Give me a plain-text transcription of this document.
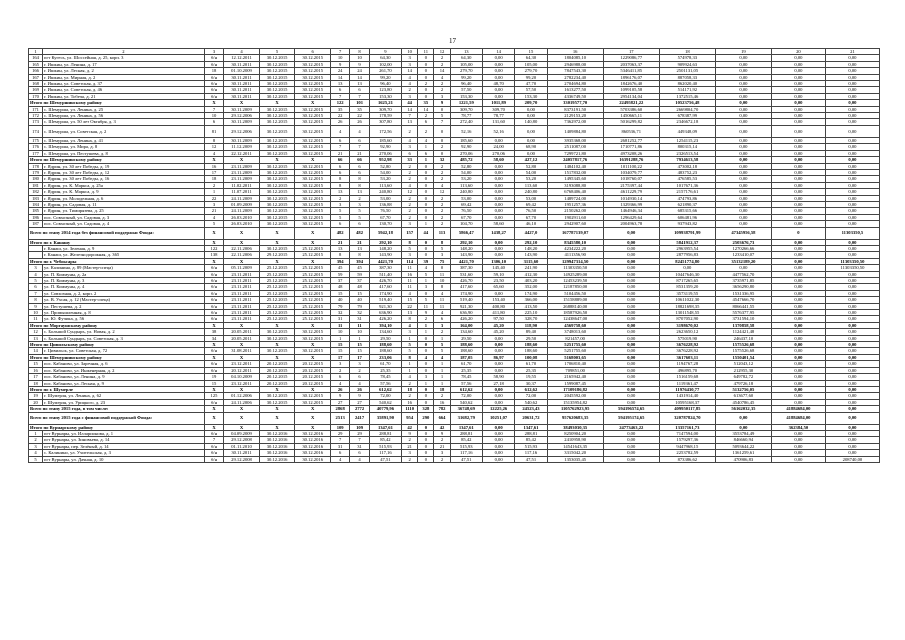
17
1	2	3	4	5	6	7	8	9	10	11	12	13	14	15	16	17	18	19	20	21
164	пгт Кугесь, ул. Шоссейная, д. 25, корп. 3	б/н	12.12.2011	30.12.2015	30.12.2015	10	10	64,30	3	0	2	64,30	0,00	64,30	1804085,10	1229086,77	574978,33	0,00	0,00	0,00
165	г. Ишкин, ул. Ленина, д. 17	б/н	30.11.2011	30.12.2015	30.12.2015	9	9	102,00	3	0	2	105,00	0,00	105,00	2946988,00	2037063,37	909924,63	0,00	0,00	0,00
166	г. Ишкин, ул. Лесная, д. 2	18	01.10.2009	30.12.2015	30.12.2015	24	24	261,70	14	0	14	279,70	0,00	279,70	7847543,30	5346411,85	2501131,05	0,00	0,00	0,00
167	г. Ишкин, ул. Мирная, д. 2	б/н	30.11.2011	30.12.2015	30.12.2015	14	14	99,20	4	0	4	99,20	0,00	99,20	2782234,40	1896176,07	887058,33	0,00	0,00	0,00
168	г. Ишкин, ул. Советская, д. 37	б/н	30.11.2011	30.12.2015	30.12.2015	13	13	96,40	4	2	2	96,40	48,70	47,70	2704694,80	1842676,40	862020,40	0,00	0,00	0,00
169	г. Ишкин, ул. Советская, д. 46	б/н	30.11.2011	30.12.2015	30.12.2015	6	6	123,80	2	0	2	57,50	0,00	57,50	1613277,50	1099105,58	514171,92	0,00	0,00	0,00
170	г. Ишкин, ул. Тобеча, д. 21	б/н	30.11.2011	30.12.2015	30.12.2015	7	7	153,30	3	0	3	153,30	0,00	153,30	4336749,50	2954134,04	1372515,46	0,00	0,00	0,00
Итого по Шемуршинскому району		X	X	X	X	122	101	1625,21	44	35	9	1221,59	1011,89	209,70	33019577,70	22495821,22	10523756,48	0,00	0,00	0,00
171	с. Шемурша, ул. Ленина, д. 25	7	30.11.2009	30.12.2015	30.12.2015	35	35	309,70	14	14	0	309,70	309,70	0,00	8373191,50	5703386,60	2669804,70	0,00	0,00	0,00
172	с. Шемурша, ул. Ленина, д. 56	10	29.12.2006	30.12.2015	30.12.2015	22	22	178,59	7	2	5	78,77	78,77	0,00	2129153,20	1450665,11	678387,99	0,00	0,00	0,00
173	с. Шемурша, ул. 50 лет Октября, д. 3	6	30.11.2009	30.12.2015	30.12.2015	26	26	307,80	13	6	7	272,40	131,60	140,80	7362972,00	5016299,82	2346672,18	0,00	0,00	0,00
174	с. Шемурша, ул. Советская, д. 2	81	29.12.2006	30.12.2015	30.12.2015	4	4	172,56	2	2	0	52,16	52,16	0,00	1409884,80	860536,71	449348,09	0,00	0,00	0,00
175	с. Шемурша, ул. Ленина, д. 41	8	30.11.2009	30.12.2015	30.12.2015	6	6	185,60	4	4	0	185,60	0,00	0,00	3935368,00	2681252,77	1254115,23	0,00	0,00	0,00
176	с. Шемурша, ул. Мира, д. 8	12	11.12.2009	30.12.2015	30.12.2015	7	7	92,90	3	1	2	92,90	24,00	68,90	2511087,00	1710771,86	800315,14	0,00	0,00	0,00
177	с. Шемурша, ул. Пестушева, д. 8	4	22.12.2011	30.12.2015	30.12.2015	21	21	270,06	6	6	0	270,06	270,06	0,00	7299721,80	4973208,26	2326513,54	0,00	0,00	0,00
Итого по Шемуршинскому району		X	X	X	X	66	66	952,98	33	1	32	485,72	58,60	427,12	24057817,76	16391288,76	7934613,58	0,00	0,00	0,00
178	г. Ядрин, ул. 30 лет Победы, д. 19	16	23.11.2009	30.12.2015	30.12.2015	6	6	52,80	2	0	2	52,80	0,00	52,80	1484102,40	1011100,22	473002,18	0,00	0,00	0,00
179	г. Ядрин, ул. 30 лет Победы, д. 12	17	23.11.2009	30.12.2015	30.12.2015	6	6	54,00	2	0	2	54,00	0,00	54,00	1517832,00	1034079,77	483752,23	0,00	0,00	0,00
180	г. Ядрин, ул. 30 лет Победы, д. 16	18	23.11.2009	30.12.2015	30.12.2015	8	8	53,20	2	0	2	53,20	0,00	53,20	1495345,60	1018760,07	476585,53	0,00	0,00	0,00
181	г. Ядрин, ул. К. Маркса, д. 25а	2	11.02.2011	30.12.2015	30.12.2015	8	8	113,60	4	0	4	113,60	0,00	113,60	3193088,80	2175397,44	1017671,36	0,00	0,00	0,00
182	г. Ядрин, ул. К. Маркса, д. 9	1	11.07.2011	30.12.2015	30.12.2015	13	13	240,80	12	0	12	240,80	0,00	240,80	6768406,40	4611229,79	2157176,61	0,00	0,00	0,00
183	г. Ядрин, ул. Молодежная, д. 6	22	24.11.2009	30.12.2015	30.12.2015	2	2	53,00	2	0	2	53,00	0,00	53,00	1489724,00	1014930,14	474793,86	0,00	0,00	0,00
184	г. Ядрин, ул. Садовая, д. 11	3	01.09.2009	30.12.2015	30.12.2015	3	3	136,88	2	0	2	69,42	0,00	69,42	1951257,36	1329366,99	621890,37	0,00	0,00	0,00
185	г. Ядрин, ул. Тимирязева, д. 25	21	24.11.2009	30.12.2015	30.12.2015	5	5	76,50	2	0	2	76,50	0,00	76,50	2150262,00	1464946,34	685315,66	0,00	0,00	0,00
186	пос. Совхозный, ул. Садовая, д. 3	4	26.03.2010	30.12.2015	30.12.2015	5	5	67,70	2	0	2	67,70	0,00	67,70	1902911,60	1296429,64	606481,96	0,00	0,00	0,00
187	пос. Совхозный, ул. Садовая, д. 4	5	26.03.2010	30.12.2015	30.12.2015	6	6	130,70	3	1	2	104,70	58,60	46,10	2942907,60	2004963,78	937943,82	0,00	0,00	0,00
Всего по этапу 2014 года без финансовой поддержки Фонда:		X	X	X	X	482	482	5942,18	157	44	113	5866,47	1438,27	4427,0	167787139,07	0,00	109938791,99	47345956,58	0	11303350,5
Итого по г. Канашу		X	X	X	X	21	21	292,10	8	0	8	292,10	0,00	292,10	8345580,10	0,00	5841912,37	2503676,73	0,00	0,00
	г. Канаш, ул. Зеленая, д. 9	122	22.11.2006	30.12.2015	25.12.2015	13	13	148,20	5	0	5	148,20	0,00	148,20	4234222,20	0,00	2963955,54	1270266,66	0,00	0,00
	г. Канаш, ул. Железнодорожная, д. 365	138	22.11.2006	29.12.2015	25.12.2015	8	8	143,90	3	0	3	143,90	0,00	143,90	4111356,90	0,00	2877956,83	1233410,07	0,00	0,00
Итого по г. Чебоксары		X	X	X	X	394	394	4421,70	114	39	75	4421,70	1306,10	3115,60	129947314,50	0,00	82451774,80	35132189,20	0,00	11303350,50
3	ул. Калинина, д. 89 (Мастер-спеца)	б/н	05.11.2009	25.12.2015	25.12.2015	45	45	387,30	11	4	0	387,30	145,40	241,90	11303350,50	0,00	0,00	0,00	0,00	11303350,50
4	ул. П. Коммуны, д. 2а	б/н	23.11.2011	25.12.2015	25.12.2015	59	59	511,40	16	5	11	531,60	59,10	412,30	14925289,00	0,00	10447646,30	4477562,70	0,00	0,00
5	ул. П. Коммуны, д. 3	б/н	23.11.2011	25.12.2015	25.12.2015	37	37	426,70	11	1	10	426,70	23,50	403,20	12453239,50	0,00	8717265,65	3735971,85	0,00	0,00
6	ул. П. Коммуны, д. 4	б/н	23.11.2011	25.12.2015	25.12.2015	48	48	417,60	11	3	8	417,60	65,60	352,00	12187850,00	0,00	8531359,20	3656290,80	0,00	0,00
7	ул. Совхозная, д. 2, корп. 2	б/н	23.11.2011	25.12.2015	25.12.2015	15	15	174,90	4	0	4	174,90	0,00	174,90	5104456,50	0,00	3573119,55	1531336,95	0,00	0,00
8	ул. В. Ухсая, д. 12 (Мастер-спеца)	б/н	23.11.2011	25.12.2015	25.12.2015	40	40	519,40	15	5	11	519,40	153,40	366,00	15158889,00	0,00	10611022,30	4547666,70	0,00	0,00
9	ул. Пестушева, д. 2	б/н	23.11.2011	25.12.2015	25.12.2015	79	79	921,30	22	11	11	921,30	400,80	413,50	26888140,00	0,00	18821698,35	8066441,55	0,00	0,00
10	ул. Промышленная, д. 8	б/н	23.11.2011	25.12.2015	25.12.2015	32	32	636,90	13	9	4	636,90	411,80	225,10	18587926,50	0,00	13011548,55	5576377,95	0,00	0,00
11	ул. Ю. Фучика, д. 56	б/н	23.11.2011	25.12.2015	25.12.2015	31	31	426,20	8	2	6	426,20	97,50	328,70	12438647,00	0,00	8707052,90	3731594,10	0,00	0,00
Итого по Моргаушскому району		X	X	X	X	11	11	394,10	4	1	3	164,00	45,20	118,90	4569758,60	0,00	3198670,02	1370858,58	0,00	0,00
12	с. Большой Сундырь, ул. Новая, д. 2	38	20.05.2011	30.12.2015	30.12.2015	10	10	134,60	3	1	2	134,60	45,20	89,40	3748013,60	0,00	2623650,12	1124421,48	0,00	0,00
13	с. Большой Сундырь, ул. Советская, д. 3	34	20.05.2011	30.12.2015	30.12.2015	1	1	29,50	1	0	1	29,50	0,00	29,50	821457,00	0,00	575019,90	246437,10	0,00	0,00
Итого по Цивильскому району		X	X	X	X	15	15	188,60	5	0	5	188,60	0,00	188,60	5251755,60	0,00	3676228,92	1575526,68	0,00	0,00
14	г. Цивильск, ул. Советская, д. 72	б/н	31.08.2011	30.12.2015	30.12.2015	15	15	188,60	5	0	5	188,60	0,00	188,60	5251755,60	0,00	3676228,92	1575526,68	0,00	0,00
Итого по Шемуршинскому району		X	X	X	X	17	17	233,06	8	4	4	187,05	86,97	100,08	5168003,65	0,00	3617603,11	1550401,54	0,00	0,00
15	пос. Кабаново, ул. Заречная, д. 6	б/н	23.12.2011	20.12.2015	20.12.2015	3	3	61,70	1	0	1	61,70	0,00	61,70	1706810,40	0,00	1194767,28	512043,12	0,00	0,00
16	пос. Кабаново, ул. Инженерная, д. 2	б/н	20.12.2011	20.12.2015	20.12.2015	2	2	25,35	1	0	1	25,35	0,00	25,35	709851,00	0,00	496895,70	212955,30	0,00	0,00
17	пос. Кабаново, ул. Ленина, д. 9	19	04.10.2009	20.12.2015	20.12.2015	6	6	78,45	4	3	1	78,45	58,90	19,55	2165942,40	0,00	1516159,68	649782,72	0,00	0,00
18	пос. Кабаново, ул. Лесная, д. 9	15	23.12.2011	20.12.2015	20.12.2015	4	4	57,56	2	1	1	57,56	27,18	30,37	1599087,45	0,00	1119361,47	479726,18	0,00	0,00
Итого по г. Шумерле		X	X	X	X	26	26	612,62	18	0	18	612,62	0,00	612,62	17109186,82	0,00	11976430,77	5132756,05	0,00	0,00
19	г. Шумерля, ул. Ленина, д. 62	125	01.12.2006	30.12.2015	30.12.2015	9	9	72,00	2	0	2	72,00	0,00	72,00	2045592,00	0,00	1431914,40	613677,60	0,00	0,00
20	г. Шумерля, ул. Урицкого, д. 23	б/н	24.11.2006	30.12.2015	30.12.2015	27	27	540,62	16	0	16	540,62	0,00	540,62	15135954,82	0,00	10595168,37	4540786,45	0,00	0,00
Всего по этапу 2015 года, в том числе:		X	X	X	X	2868	2772	40779,96	1110	328	782	36748,69	12225,26	24523,43	1105762923,95	594196574,65	409950117,85	56162032,35	41884684,00	0,00
Всего по этапу 2015 года с финансовой поддержкой Фонда:		X	X	X	X	2513	2417	35891,90	954	290	664	31682,79	10251,07	20631,72	957620683,35	594195174,65	320787824,70	0,00	41884684,00	0,00
Итого по Вурнарскому району		X	X	X	X	109	109	1347,61	42	0	42	1347,61	0,00	1347,61	38493030,35	24773463,22	13357161,73	0,00	362384,50	0,00
1	пгт Вурнары, ул. Илларионова, д. 1	б/н	04.09.2009	30.12.2016	30.12.2016	29	29	288,81	9	0	9	288,81	0,00	288,81	8250904,20	0,00	7147594,00	3553784,49	0,00	0,00
2	пгт Вурнары, ул. Зиновьева, д. 14	7	29.12.2008	30.12.2016	30.12.2016	7	7	85,42	2	0	2	85,42	0,00	85,42	2410958,90	0,00	1579297,36	846660,94	0,00	0,00
3	пгт Вурнары, пер. Зелёный, д. 14	б/н	01.11.2010	30.12.2016	30.12.2016	31	31	515,93	21	0	21	515,93	0,00	515,93	14541643,35	0,00	9447968,15	5093644,22	0,00	0,00
4	с. Калинино, ул. Учительская, д. 3	б/н	30.11.2011	30.12.2016	30.12.2016	6	6	117,16	3	0	3	117,16	0,00	117,16	3315042,20	0,00	2253782,59	1361259,61	0,00	0,00
5	пгт Вурнары, ул. Дачная, д. 10	б/н	29.12.2008	30.12.2016	30.12.2016	4	4	47,51	2	0	2	47,51	0,00	47,51	1353035,45	0,00	873386,62	470906,83	0,00	208740,00
